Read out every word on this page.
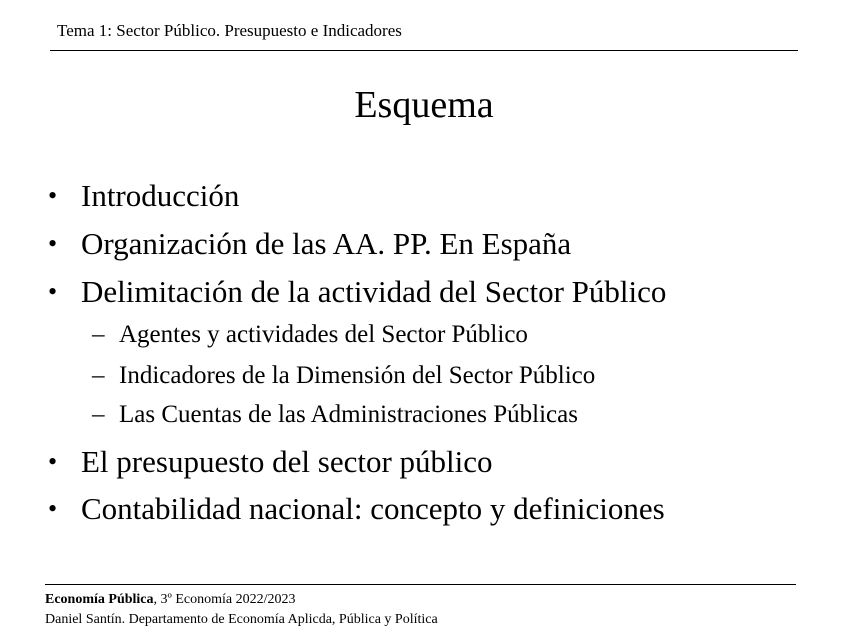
Tema 1: Sector Público. Presupuesto e Indicadores
Esquema
• Introducción
• Organización de las AA. PP. En España
• Delimitación de la actividad del Sector Público
– Agentes y actividades del Sector Público
– Indicadores de la Dimensión del Sector Público
– Las Cuentas de las Administraciones Públicas
• El presupuesto del sector público
• Contabilidad nacional: concepto y definiciones
Economía Pública, 3º Economía 2022/2023
Daniel Santín. Departamento de Economía Aplicda, Pública y Política
